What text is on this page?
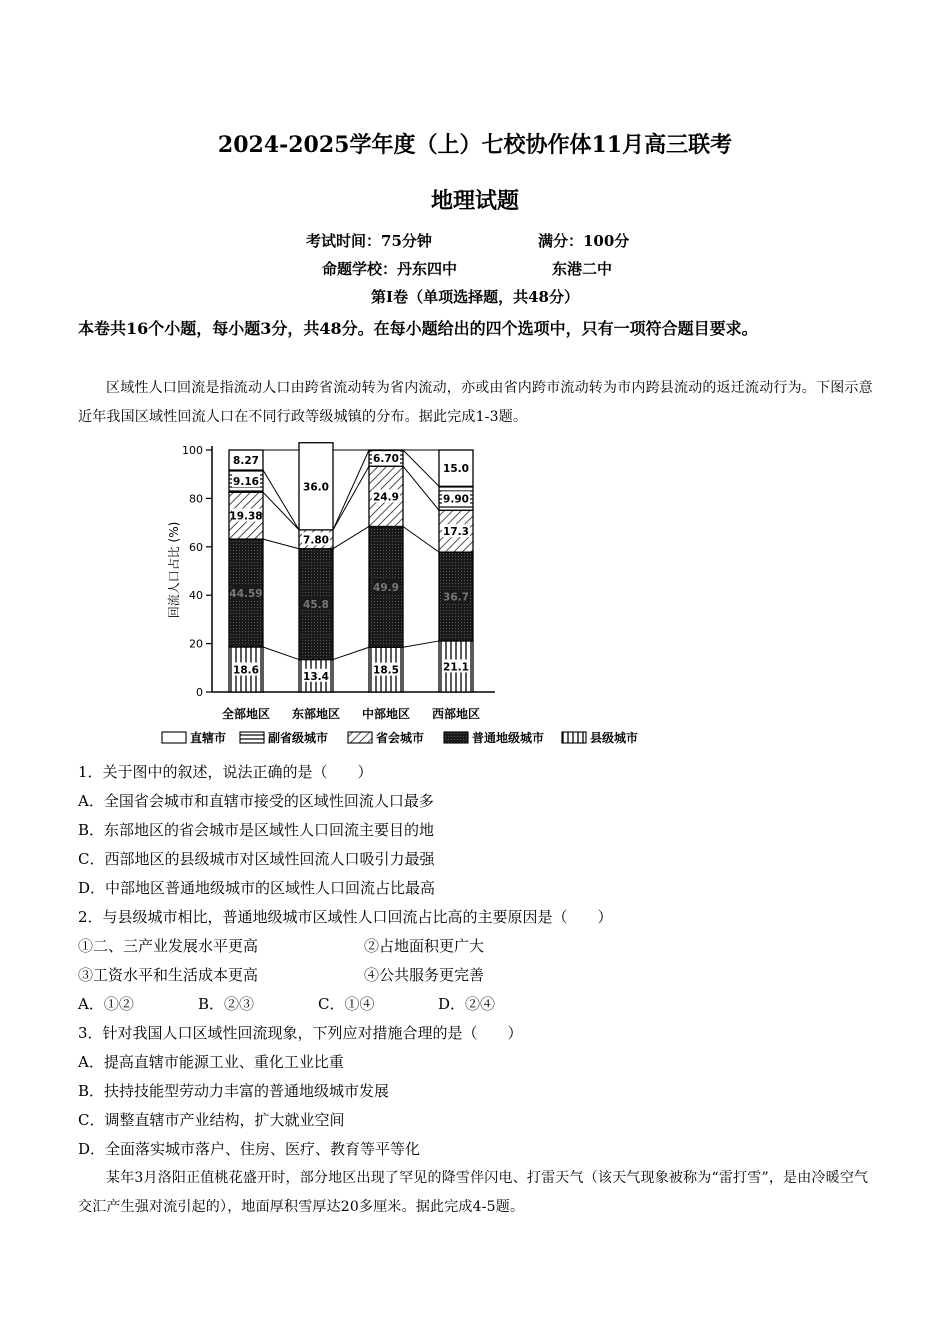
2024-2025学年度（上）七校协作体11月高三联考
地理试题
考试时间：75分钟	满分：100分
命题学校：丹东四中	东港二中
第I卷（单项选择题，共48分）
本卷共16个小题，每小题3分，共48分。在每小题给出的四个选项中，只有一项符合题目要求。
区域性人口回流是指流动人口由跨省流动转为省内流动，亦或由省内跨市流动转为市内跨县流动的返迁流动行为。下图示意近年我国区域性回流人口在不同行政等级城镇的分布。据此完成1-3题。
回流人口占比 (%)
0
20
40
60
80
100
18.6
44.59
19.38
9.16
8.27
13.4
45.8
7.80
36.0
18.5
49.9
24.9
6.70
21.1
36.7
17.3
9.90
15.0
全部地区 东部地区 中部地区 西部地区
直辖市	副省级城市	省会城市	普通地级城市	县级城市
1．关于图中的叙述，说法正确的是（　　）
A．全国省会城市和直辖市接受的区域性回流人口最多
B．东部地区的省会城市是区域性人口回流主要目的地
C．西部地区的县级城市对区域性回流人口吸引力最强
D．中部地区普通地级城市的区域性人口回流占比最高
2．与县级城市相比，普通地级城市区域性人口回流占比高的主要原因是（　　）
①二、三产业发展水平更高	②占地面积更广大
③工资水平和生活成本更高	④公共服务更完善
A．①②	B．②③	C．①④	D．②④
3．针对我国人口区域性回流现象，下列应对措施合理的是（　　）
A．提高直辖市能源工业、重化工业比重
B．扶持技能型劳动力丰富的普通地级城市发展
C．调整直辖市产业结构，扩大就业空间
D．全面落实城市落户、住房、医疗、教育等平等化
某年3月洛阳正值桃花盛开时，部分地区出现了罕见的降雪伴闪电、打雷天气（该天气现象被称为“雷打雪”，是由冷暖空气交汇产生强对流引起的），地面厚积雪厚达20多厘米。据此完成4-5题。
